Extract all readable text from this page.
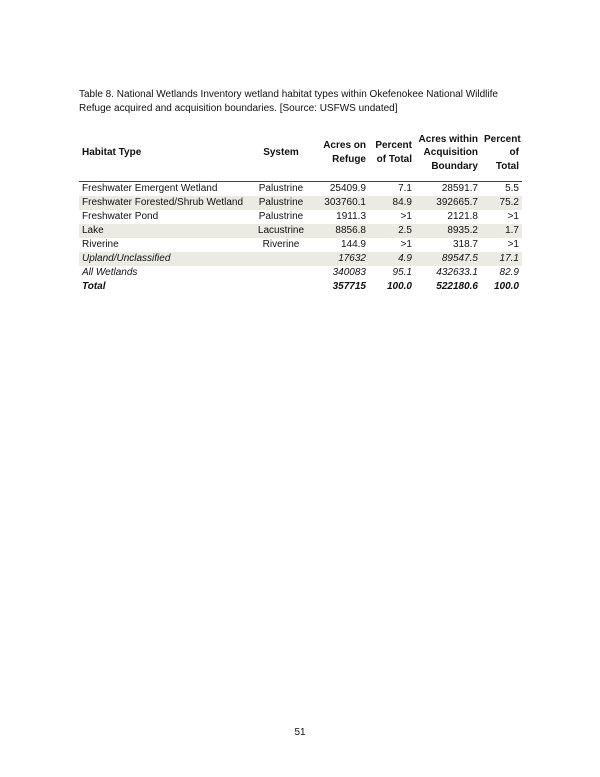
Table 8. National Wetlands Inventory wetland habitat types within Okefenokee National Wildlife Refuge acquired and acquisition boundaries. [Source: USFWS undated]
Habitat Type	System	Acres on Refuge	Percent of Total	Acres within Acquisition Boundary	Percent of Total
Freshwater Emergent Wetland	Palustrine	25409.9	7.1	28591.7	5.5
Freshwater Forested/Shrub Wetland	Palustrine	303760.1	84.9	392665.7	75.2
Freshwater Pond	Palustrine	1911.3	>1	2121.8	>1
Lake	Lacustrine	8856.8	2.5	8935.2	1.7
Riverine	Riverine	144.9	>1	318.7	>1
Upland/Unclassified		17632	4.9	89547.5	17.1
All Wetlands		340083	95.1	432633.1	82.9
Total		357715	100.0	522180.6	100.0
51
